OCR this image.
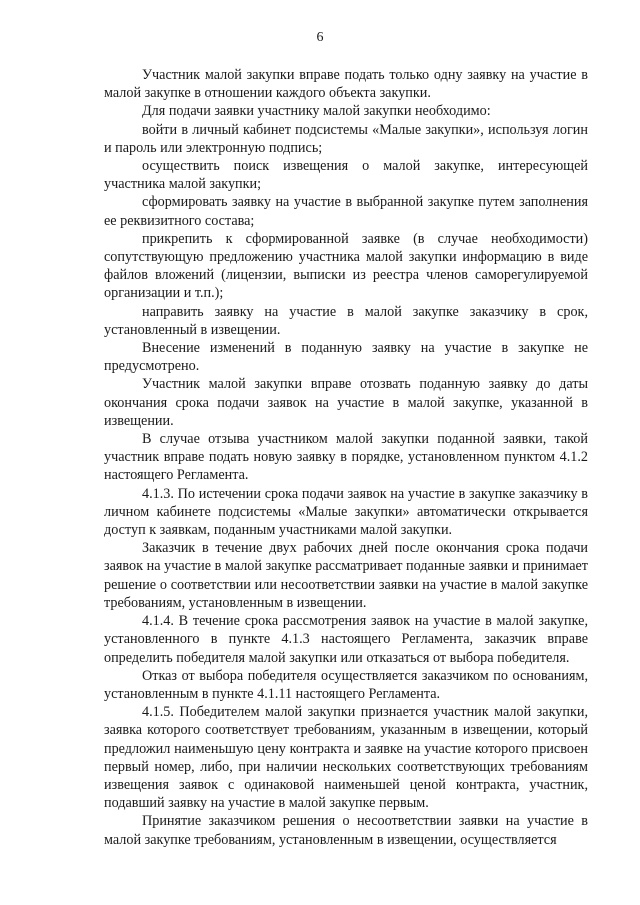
6

Участник малой закупки вправе подать только одну заявку на участие в малой закупке в отношении каждого объекта закупки.

Для подачи заявки участнику малой закупки необходимо:

войти в личный кабинет подсистемы «Малые закупки», используя логин и пароль или электронную подпись;

осуществить поиск извещения о малой закупке, интересующей участника малой закупки;

сформировать заявку на участие в выбранной закупке путем заполнения ее реквизитного состава;

прикрепить к сформированной заявке (в случае необходимости) сопутствующую предложению участника малой закупки информацию в виде файлов вложений (лицензии, выписки из реестра членов саморегулируемой организации и т.п.);

направить заявку на участие в малой закупке заказчику в срок, установленный в извещении.

Внесение изменений в поданную заявку на участие в закупке не предусмотрено.

Участник малой закупки вправе отозвать поданную заявку до даты окончания срока подачи заявок на участие в малой закупке, указанной в извещении.

В случае отзыва участником малой закупки поданной заявки, такой участник вправе подать новую заявку в порядке, установленном пунктом 4.1.2 настоящего Регламента.

4.1.3. По истечении срока подачи заявок на участие в закупке заказчику в личном кабинете подсистемы «Малые закупки» автоматически открывается доступ к заявкам, поданным участниками малой закупки.

Заказчик в течение двух рабочих дней после окончания срока подачи заявок на участие в малой закупке рассматривает поданные заявки и принимает решение о соответствии или несоответствии заявки на участие в малой закупке требованиям, установленным в извещении.

4.1.4. В течение срока рассмотрения заявок на участие в малой закупке, установленного в пункте 4.1.3 настоящего Регламента, заказчик вправе определить победителя малой закупки или отказаться от выбора победителя.

Отказ от выбора победителя осуществляется заказчиком по основаниям, установленным в пункте 4.1.11 настоящего Регламента.

4.1.5. Победителем малой закупки признается участник малой закупки, заявка которого соответствует требованиям, указанным в извещении, который предложил наименьшую цену контракта и заявке на участие которого присвоен первый номер, либо, при наличии нескольких соответствующих требованиям извещения заявок с одинаковой наименьшей ценой контракта, участник, подавший заявку на участие в малой закупке первым.

Принятие заказчиком решения о несоответствии заявки на участие в малой закупке требованиям, установленным в извещении, осуществляется
